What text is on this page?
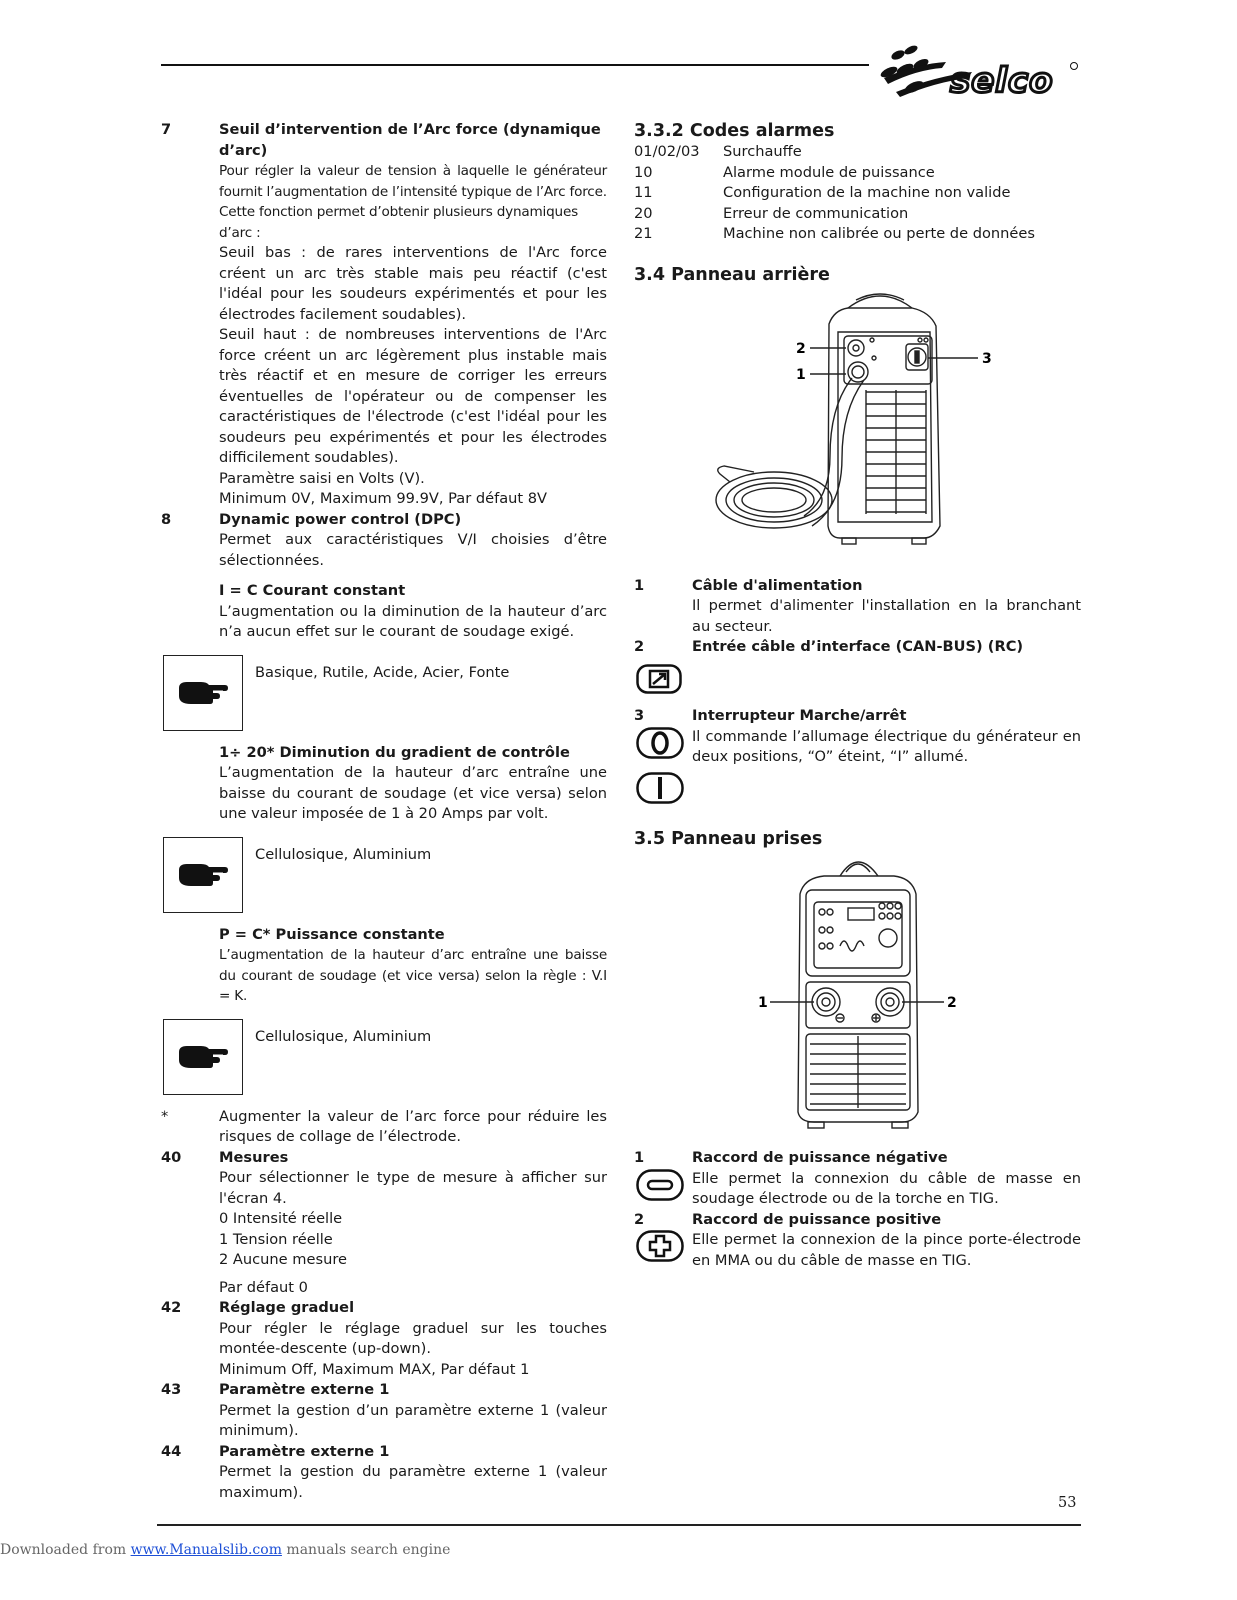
selco
7	Seuil d’intervention de l’Arc force (dynamique d’arc)
Pour régler la valeur de tension à laquelle le générateur fournit l’augmentation de l’intensité typique de l’Arc force.
Cette fonction permet d’obtenir plusieurs dynamiques d’arc :
Seuil bas : de rares interventions de l'Arc force créent un arc très stable mais peu réactif (c'est l'idéal pour les soudeurs expérimentés et pour les électrodes facilement soudables).
Seuil haut : de nombreuses interventions de l'Arc force créent un arc légèrement plus instable mais très réactif et en mesure de corriger les erreurs éventuelles de l'opérateur ou de compenser les caractéristiques de l'électrode (c'est l'idéal pour les soudeurs peu expérimentés et pour les électrodes difficilement soudables).
Paramètre saisi en Volts (V).
Minimum 0V, Maximum 99.9V, Par défaut 8V
8	Dynamic power control (DPC)
Permet aux caractéristiques V/I choisies d’être sélectionnées.
I = C Courant constant
L’augmentation ou la diminution de la hauteur d’arc n’a aucun effet sur le courant de soudage exigé.
Basique, Rutile, Acide, Acier, Fonte
1÷ 20* Diminution du gradient de contrôle
L’augmentation de la hauteur d’arc entraîne une baisse du courant de soudage (et vice versa) selon une valeur imposée de 1 à 20 Amps par volt.
Cellulosique, Aluminium
P = C* Puissance constante
L’augmentation de la hauteur d’arc entraîne une baisse du courant de soudage (et vice versa) selon la règle : V.I = K.
Cellulosique, Aluminium
*	Augmenter la valeur de l’arc force pour réduire les risques de collage de l’électrode.
40	Mesures
Pour sélectionner le type de mesure à afficher sur l'écran 4.
0 Intensité réelle
1 Tension réelle
2 Aucune mesure
Par défaut 0
42	Réglage graduel
Pour régler le réglage graduel sur les touches montée-descente (up-down).
Minimum Off, Maximum MAX, Par défaut 1
43	Paramètre externe 1
Permet la gestion d’un paramètre externe 1 (valeur minimum).
44	Paramètre externe 1
Permet la gestion du paramètre externe 1 (valeur maximum).
3.3.2 Codes alarmes
01/02/03	Surchauffe
10	Alarme module de puissance
11	Configuration de la machine non valide
20	Erreur de communication
21	Machine non calibrée ou perte de données
3.4 Panneau arrière
2
1
3
1	Câble d'alimentation
Il permet d'alimenter l'installation en la branchant au secteur.
2	Entrée câble d’interface (CAN-BUS) (RC)
3	Interrupteur Marche/arrêt
Il commande l’allumage électrique du générateur en deux positions, “O” éteint, “I” allumé.
3.5 Panneau prises
1	2
1	Raccord de puissance négative
Elle permet la connexion du câble de masse en soudage électrode ou de la torche en TIG.
2	Raccord de puissance positive
Elle permet la connexion de la pince porte-électrode en MMA ou du câble de masse en TIG.
53
Downloaded from www.Manualslib.com manuals search engine
